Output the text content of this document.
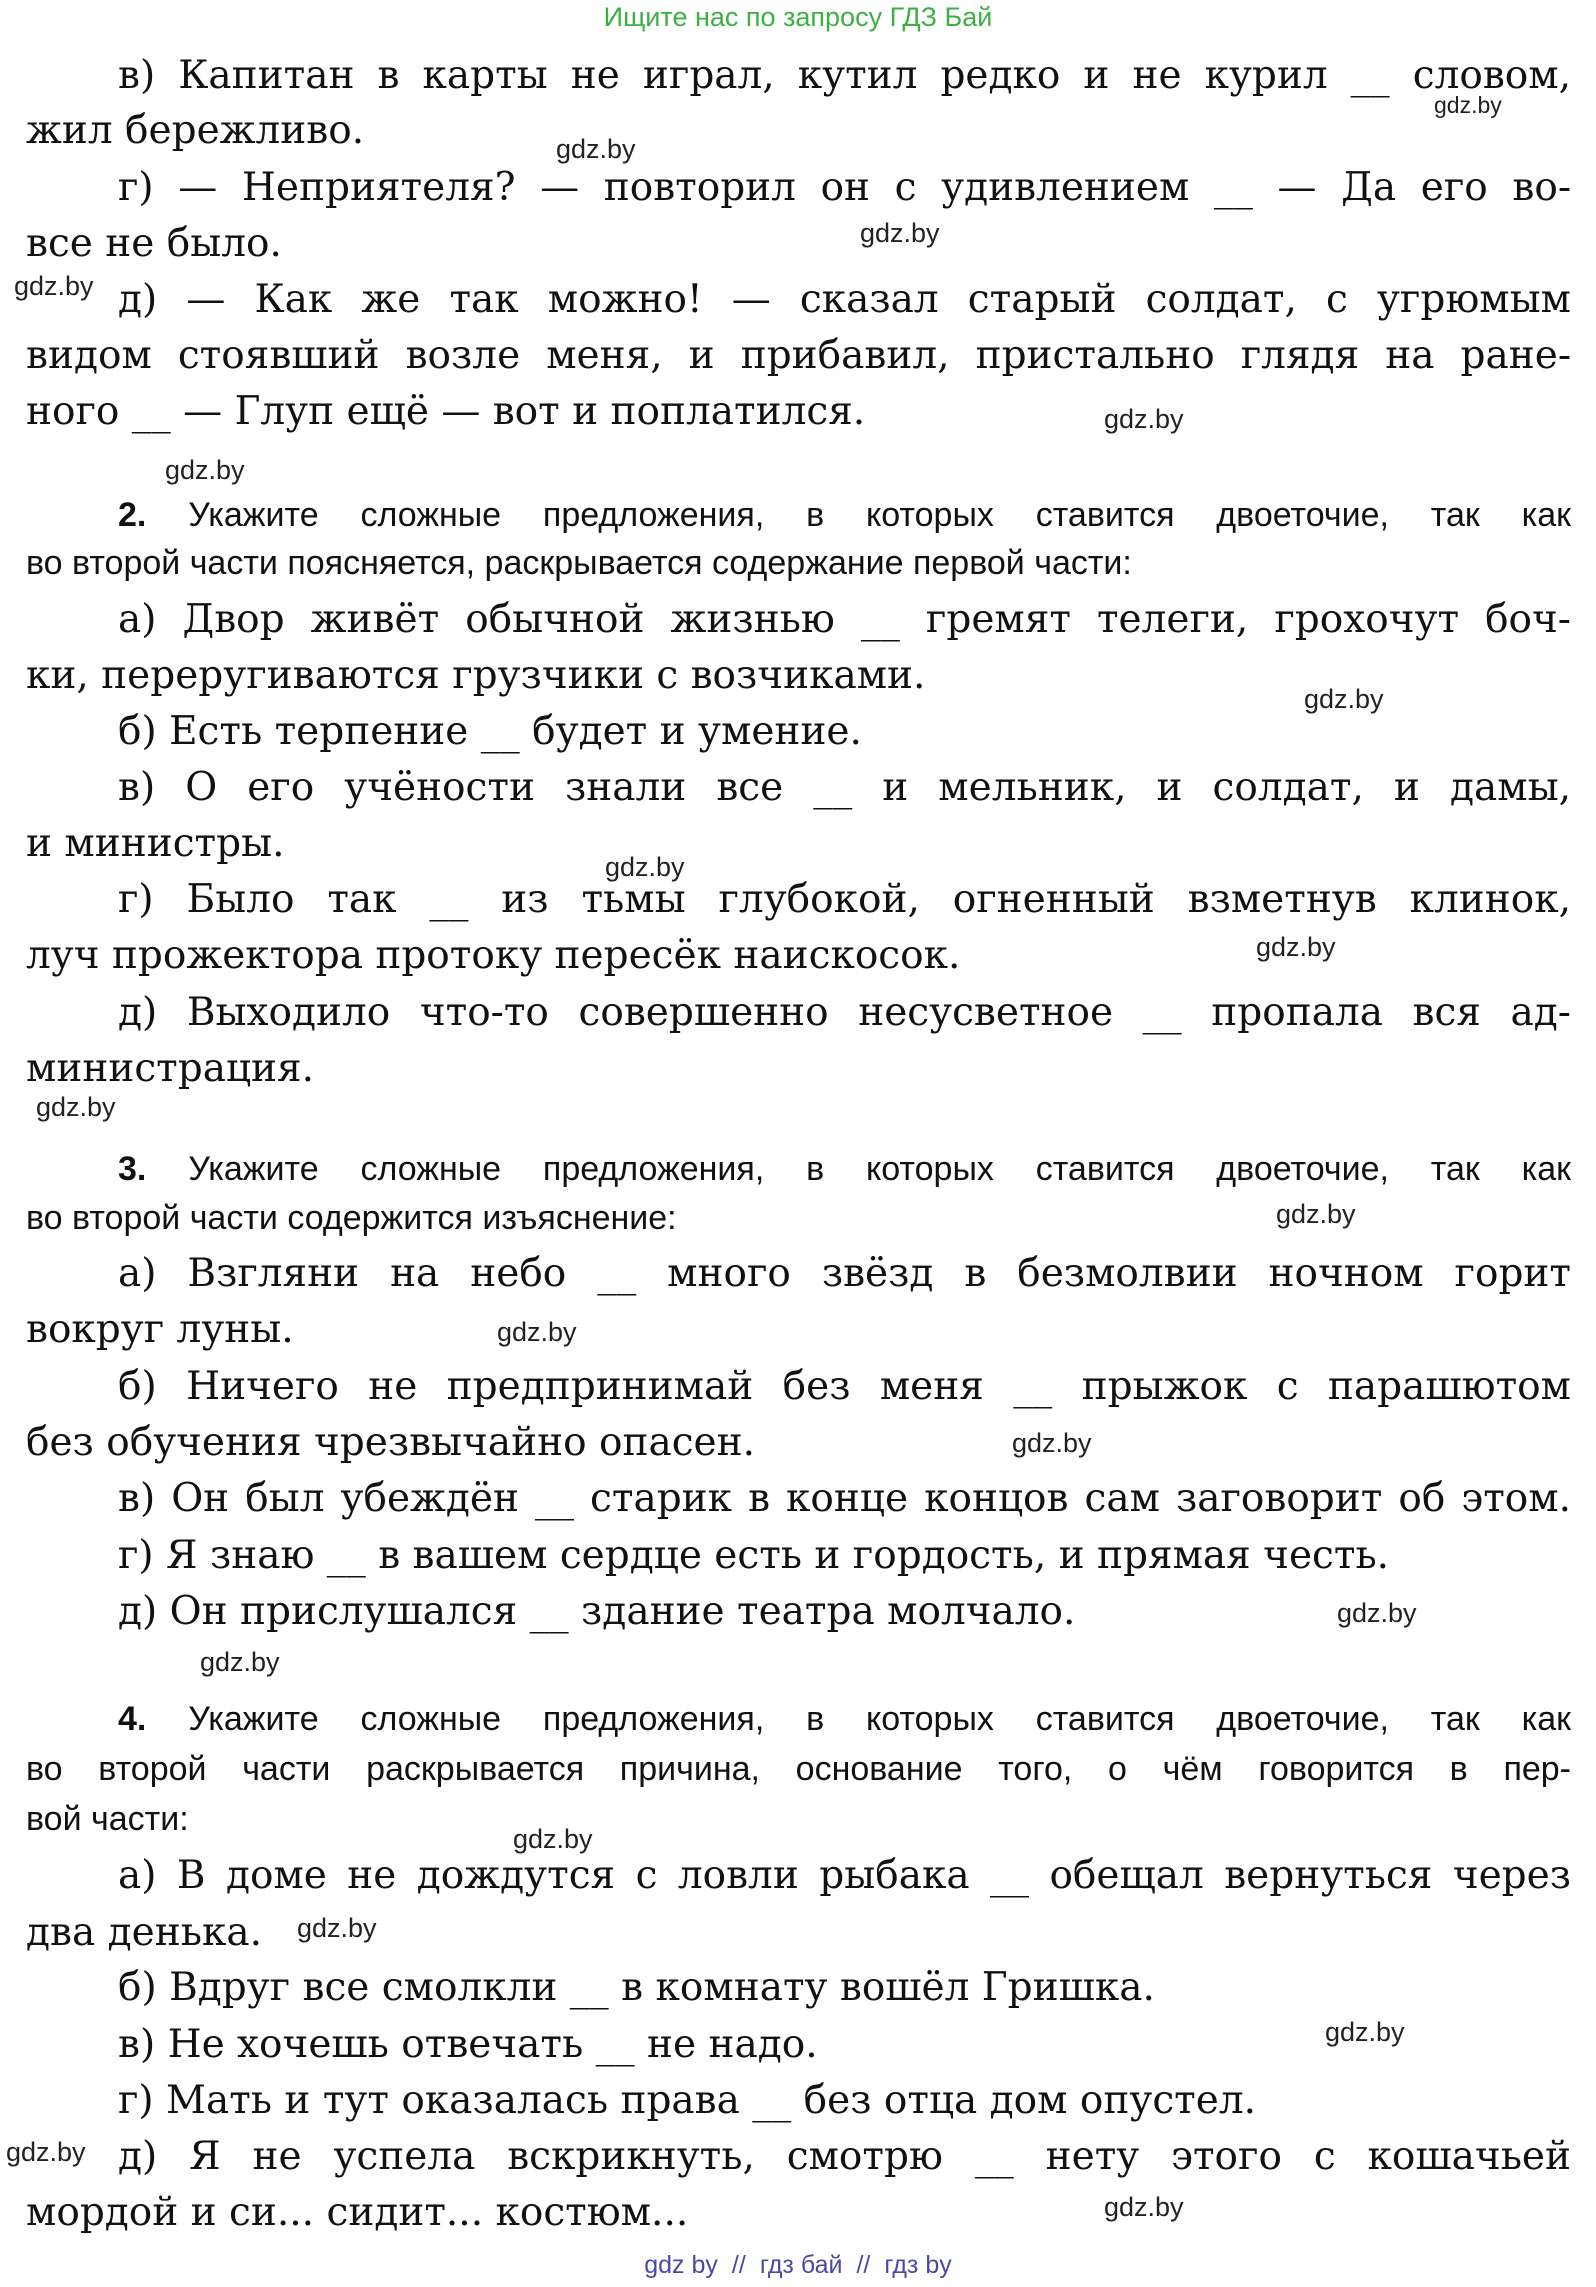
Ищите нас по запросу ГДЗ Бай
в) Капитан в карты не играл, кутил редко и не курил __ словом,
жил бережливо.
г) — Неприятеля? — повторил он с удивлением __ — Да его во-
все не было.
д) — Как же так можно! — сказал старый солдат, с угрюмым
видом стоявший возле меня, и прибавил, пристально глядя на ране-
ного __ — Глуп ещё — вот и поплатился.
2. Укажите сложные предложения, в которых ставится двоеточие, так как
во второй части поясняется, раскрывается содержание первой части:
а) Двор живёт обычной жизнью __ гремят телеги, грохочут боч-
ки, переругиваются грузчики с возчиками.
б) Есть терпение __ будет и умение.
в) О его учёности знали все __ и мельник, и солдат, и дамы,
и министры.
г) Было так __ из тьмы глубокой, огненный взметнув клинок,
луч прожектора протоку пересёк наискосок.
д) Выходило что-то совершенно несусветное __ пропала вся ад-
министрация.
3. Укажите сложные предложения, в которых ставится двоеточие, так как
во второй части содержится изъяснение:
а) Взгляни на небо __ много звёзд в безмолвии ночном горит
вокруг луны.
б) Ничего не предпринимай без меня __ прыжок с парашютом
без обучения чрезвычайно опасен.
в) Он был убеждён __ старик в конце концов сам заговорит об этом.
г) Я знаю __ в вашем сердце есть и гордость, и прямая честь.
д) Он прислушался __ здание театра молчало.
4. Укажите сложные предложения, в которых ставится двоеточие, так как
во второй части раскрывается причина, основание того, о чём говорится в пер-
вой части:
а) В доме не дождутся с ловли рыбака __ обещал вернуться через
два денька.
б) Вдруг все смолкли __ в комнату вошёл Гришка.
в) Не хочешь отвечать __ не надо.
г) Мать и тут оказалась права __ без отца дом опустел.
д) Я не успела вскрикнуть, смотрю __ нету этого с кошачьей
мордой и си... сидит... костюм...
gdz.by
gdz.by
gdz.by
gdz.by
gdz.by
gdz.by
gdz.by
gdz.by
gdz.by
gdz.by
gdz.by
gdz.by
gdz.by
gdz.by
gdz.by
gdz.by
gdz.by
gdz.by
gdz.by
gdz.by
gdz by // гдз бай // гдз by
